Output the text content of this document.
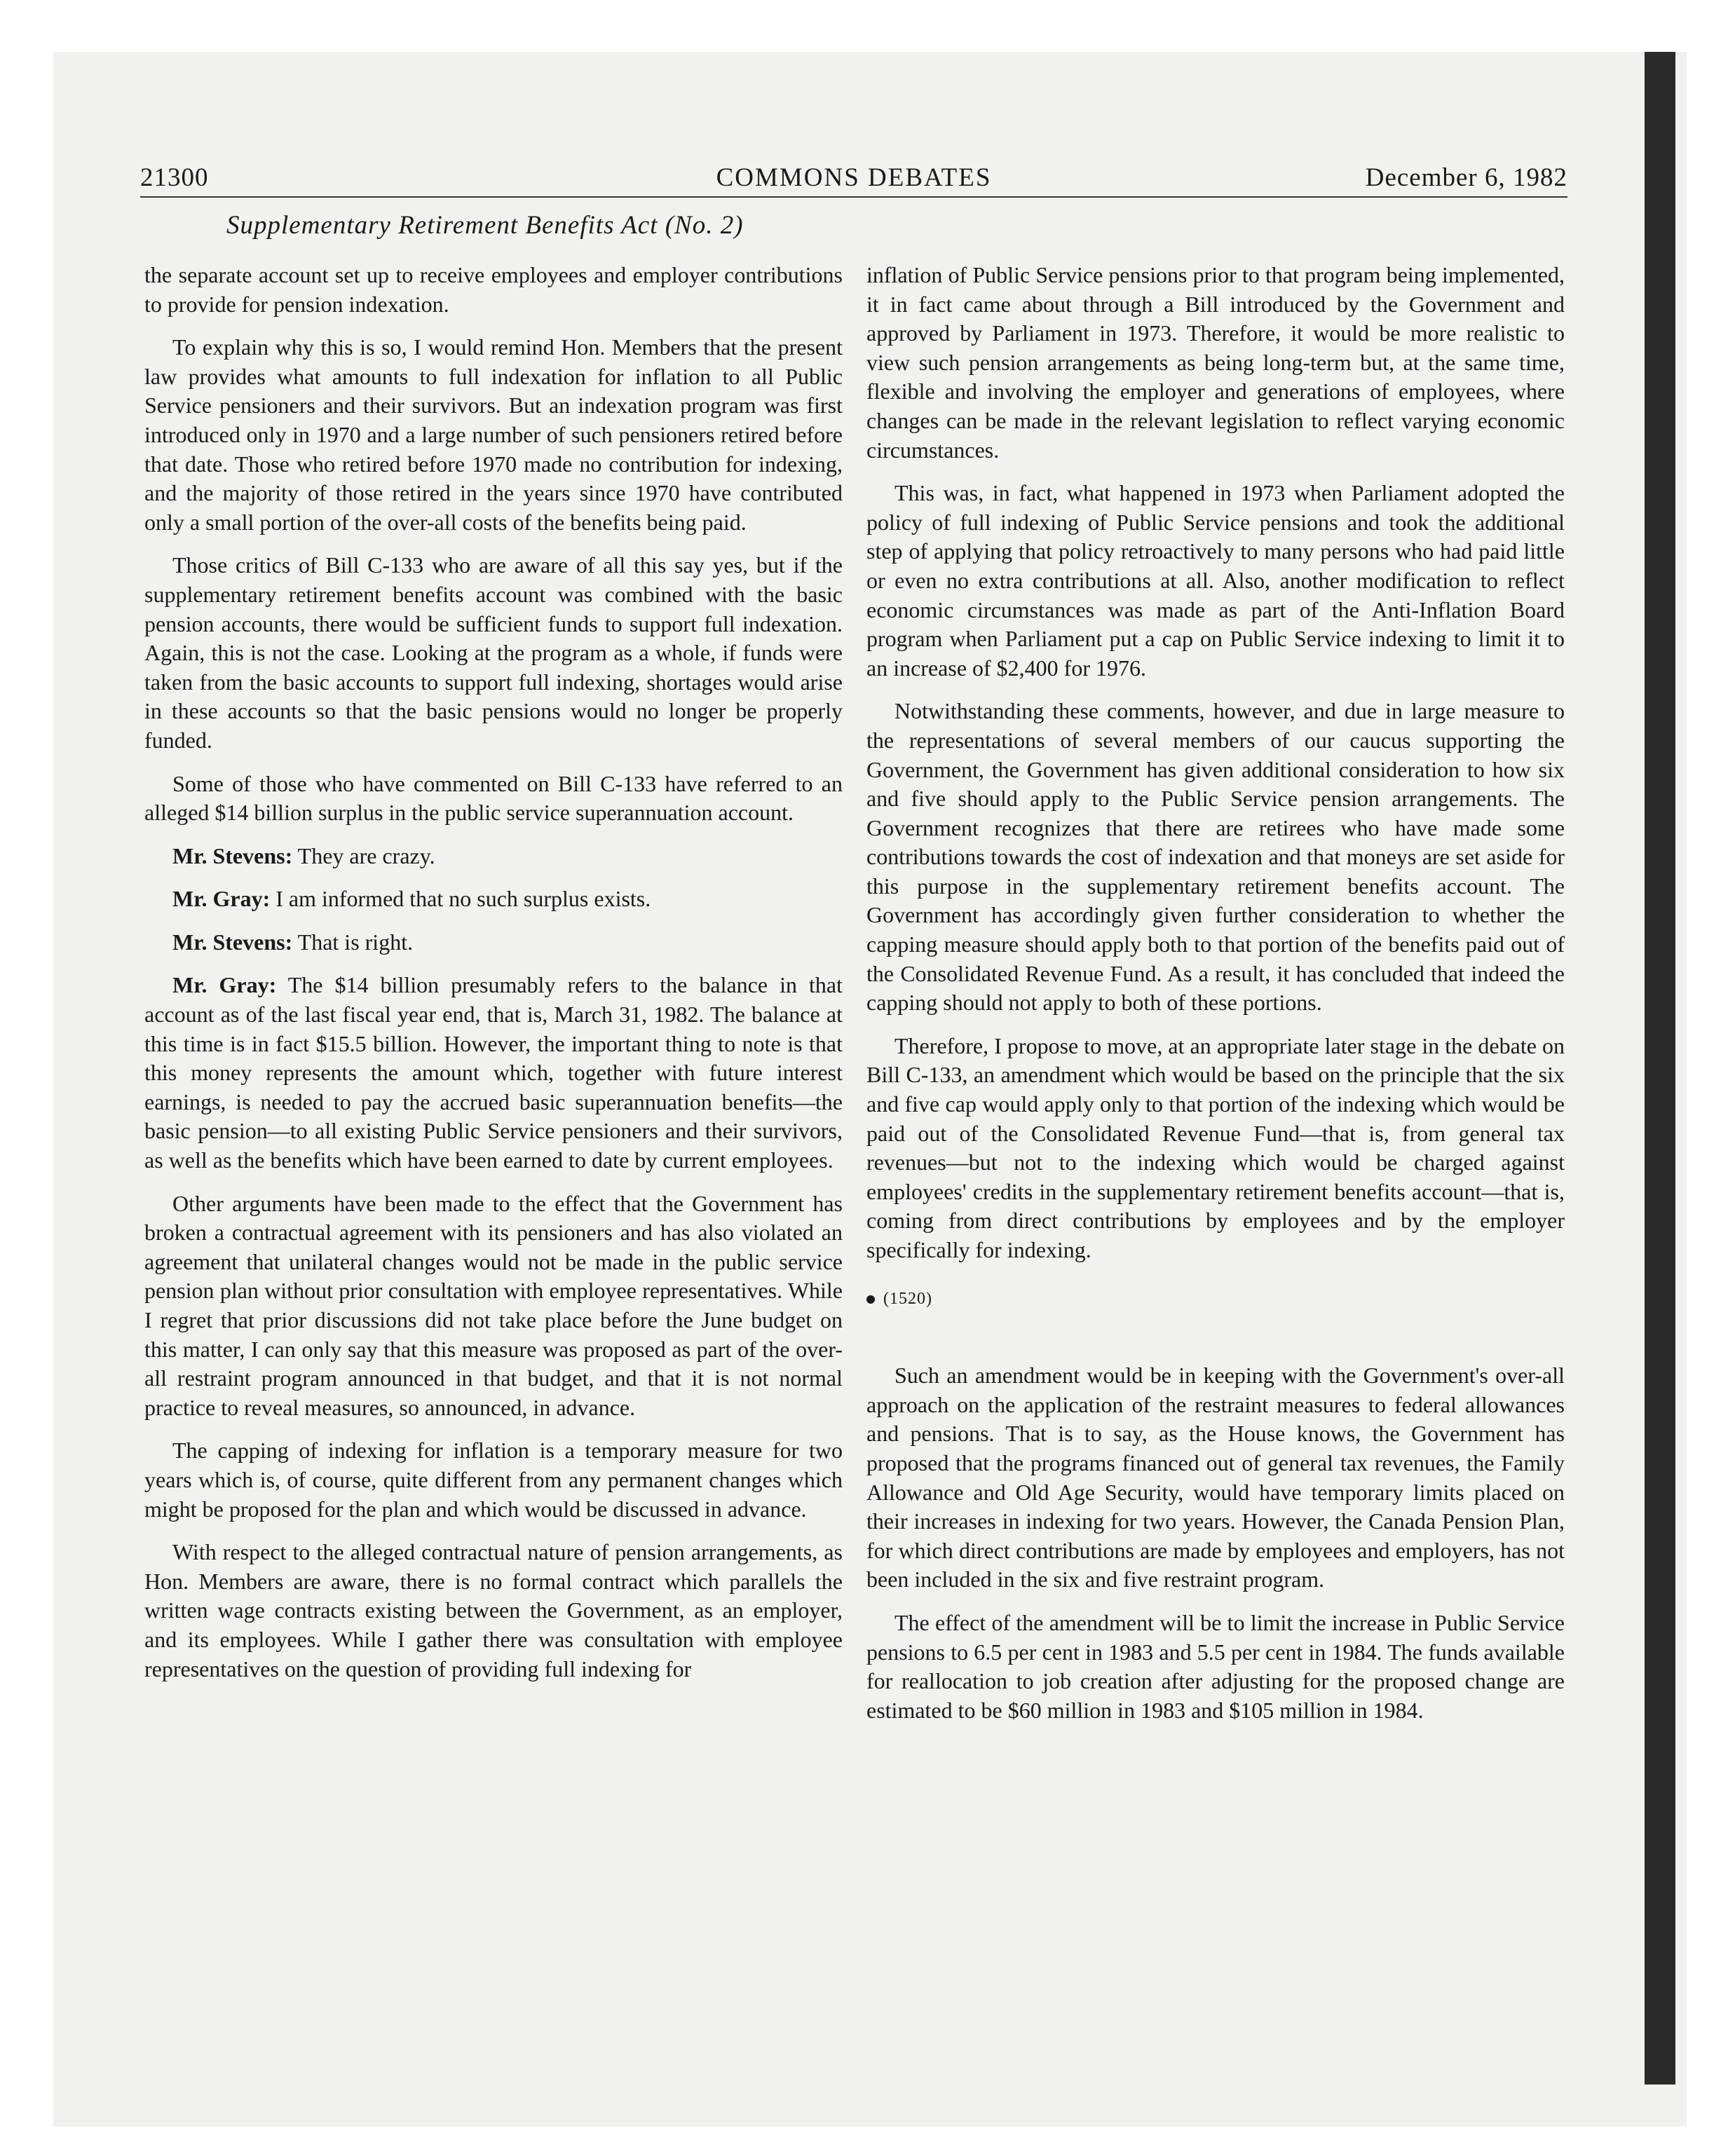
21300	COMMONS DEBATES	December 6, 1982
Supplementary Retirement Benefits Act (No. 2)

the separate account set up to receive employees and employer contributions to provide for pension indexation.

To explain why this is so, I would remind Hon. Members that the present law provides what amounts to full indexation for inflation to all Public Service pensioners and their survivors. But an indexation program was first introduced only in 1970 and a large number of such pensioners retired before that date. Those who retired before 1970 made no contribution for indexing, and the majority of those retired in the years since 1970 have contributed only a small portion of the over-all costs of the benefits being paid.

Those critics of Bill C-133 who are aware of all this say yes, but if the supplementary retirement benefits account was combined with the basic pension accounts, there would be sufficient funds to support full indexation. Again, this is not the case. Looking at the program as a whole, if funds were taken from the basic accounts to support full indexing, shortages would arise in these accounts so that the basic pensions would no longer be properly funded.

Some of those who have commented on Bill C-133 have referred to an alleged $14 billion surplus in the public service superannuation account.

Mr. Stevens: They are crazy.

Mr. Gray: I am informed that no such surplus exists.

Mr. Stevens: That is right.

Mr. Gray: The $14 billion presumably refers to the balance in that account as of the last fiscal year end, that is, March 31, 1982. The balance at this time is in fact $15.5 billion. However, the important thing to note is that this money represents the amount which, together with future interest earnings, is needed to pay the accrued basic superannuation benefits—the basic pension—to all existing Public Service pensioners and their survivors, as well as the benefits which have been earned to date by current employees.

Other arguments have been made to the effect that the Government has broken a contractual agreement with its pensioners and has also violated an agreement that unilateral changes would not be made in the public service pension plan without prior consultation with employee representatives. While I regret that prior discussions did not take place before the June budget on this matter, I can only say that this measure was proposed as part of the over-all restraint program announced in that budget, and that it is not normal practice to reveal measures, so announced, in advance.

The capping of indexing for inflation is a temporary measure for two years which is, of course, quite different from any permanent changes which might be proposed for the plan and which would be discussed in advance.

With respect to the alleged contractual nature of pension arrangements, as Hon. Members are aware, there is no formal contract which parallels the written wage contracts existing between the Government, as an employer, and its employees. While I gather there was consultation with employee representatives on the question of providing full indexing for

inflation of Public Service pensions prior to that program being implemented, it in fact came about through a Bill introduced by the Government and approved by Parliament in 1973. Therefore, it would be more realistic to view such pension arrangements as being long-term but, at the same time, flexible and involving the employer and generations of employees, where changes can be made in the relevant legislation to reflect varying economic circumstances.

This was, in fact, what happened in 1973 when Parliament adopted the policy of full indexing of Public Service pensions and took the additional step of applying that policy retroactively to many persons who had paid little or even no extra contributions at all. Also, another modification to reflect economic circumstances was made as part of the Anti-Inflation Board program when Parliament put a cap on Public Service indexing to limit it to an increase of $2,400 for 1976.

Notwithstanding these comments, however, and due in large measure to the representations of several members of our caucus supporting the Government, the Government has given additional consideration to how six and five should apply to the Public Service pension arrangements. The Government recognizes that there are retirees who have made some contributions towards the cost of indexation and that moneys are set aside for this purpose in the supplementary retirement benefits account. The Government has accordingly given further consideration to whether the capping measure should apply both to that portion of the benefits paid out of the Consolidated Revenue Fund. As a result, it has concluded that indeed the capping should not apply to both of these portions.

Therefore, I propose to move, at an appropriate later stage in the debate on Bill C-133, an amendment which would be based on the principle that the six and five cap would apply only to that portion of the indexing which would be paid out of the Consolidated Revenue Fund—that is, from general tax revenues—but not to the indexing which would be charged against employees' credits in the supplementary retirement benefits account—that is, coming from direct contributions by employees and by the employer specifically for indexing.

(1520)

Such an amendment would be in keeping with the Government's over-all approach on the application of the restraint measures to federal allowances and pensions. That is to say, as the House knows, the Government has proposed that the programs financed out of general tax revenues, the Family Allowance and Old Age Security, would have temporary limits placed on their increases in indexing for two years. However, the Canada Pension Plan, for which direct contributions are made by employees and employers, has not been included in the six and five restraint program.

The effect of the amendment will be to limit the increase in Public Service pensions to 6.5 per cent in 1983 and 5.5 per cent in 1984. The funds available for reallocation to job creation after adjusting for the proposed change are estimated to be $60 million in 1983 and $105 million in 1984.
